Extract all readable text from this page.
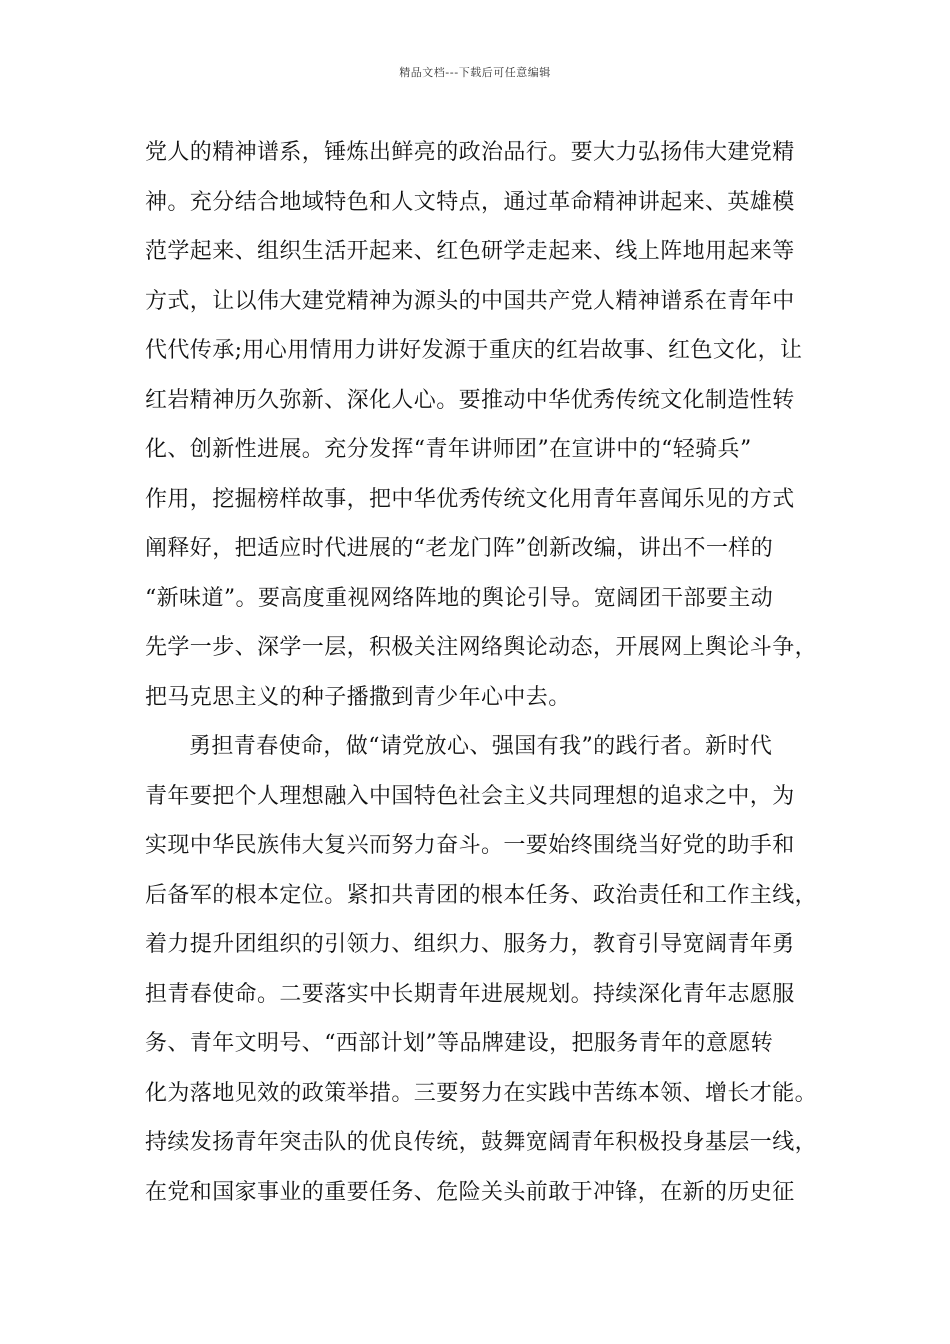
精品文档---下载后可任意编辑
党人的精神谱系，锤炼出鲜亮的政治品行。要大力弘扬伟大建党精
神。充分结合地域特色和人文特点，通过革命精神讲起来、英雄模
范学起来、组织生活开起来、红色研学走起来、线上阵地用起来等
方式，让以伟大建党精神为源头的中国共产党人精神谱系在青年中
代代传承;用心用情用力讲好发源于重庆的红岩故事、红色文化，让
红岩精神历久弥新、深化人心。要推动中华优秀传统文化制造性转
化、创新性进展。充分发挥“青年讲师团”在宣讲中的“轻骑兵”
作用，挖掘榜样故事，把中华优秀传统文化用青年喜闻乐见的方式
阐释好，把适应时代进展的“老龙门阵”创新改编，讲出不一样的
“新味道”。要高度重视网络阵地的舆论引导。宽阔团干部要主动
先学一步、深学一层，积极关注网络舆论动态，开展网上舆论斗争，
把马克思主义的种子播撒到青少年心中去。
勇担青春使命，做“请党放心、强国有我”的践行者。新时代
青年要把个人理想融入中国特色社会主义共同理想的追求之中，为
实现中华民族伟大复兴而努力奋斗。一要始终围绕当好党的助手和
后备军的根本定位。紧扣共青团的根本任务、政治责任和工作主线，
着力提升团组织的引领力、组织力、服务力，教育引导宽阔青年勇
担青春使命。二要落实中长期青年进展规划。持续深化青年志愿服
务、青年文明号、“西部计划”等品牌建设，把服务青年的意愿转
化为落地见效的政策举措。三要努力在实践中苦练本领、增长才能。
持续发扬青年突击队的优良传统，鼓舞宽阔青年积极投身基层一线，
在党和国家事业的重要任务、危险关头前敢于冲锋，在新的历史征
